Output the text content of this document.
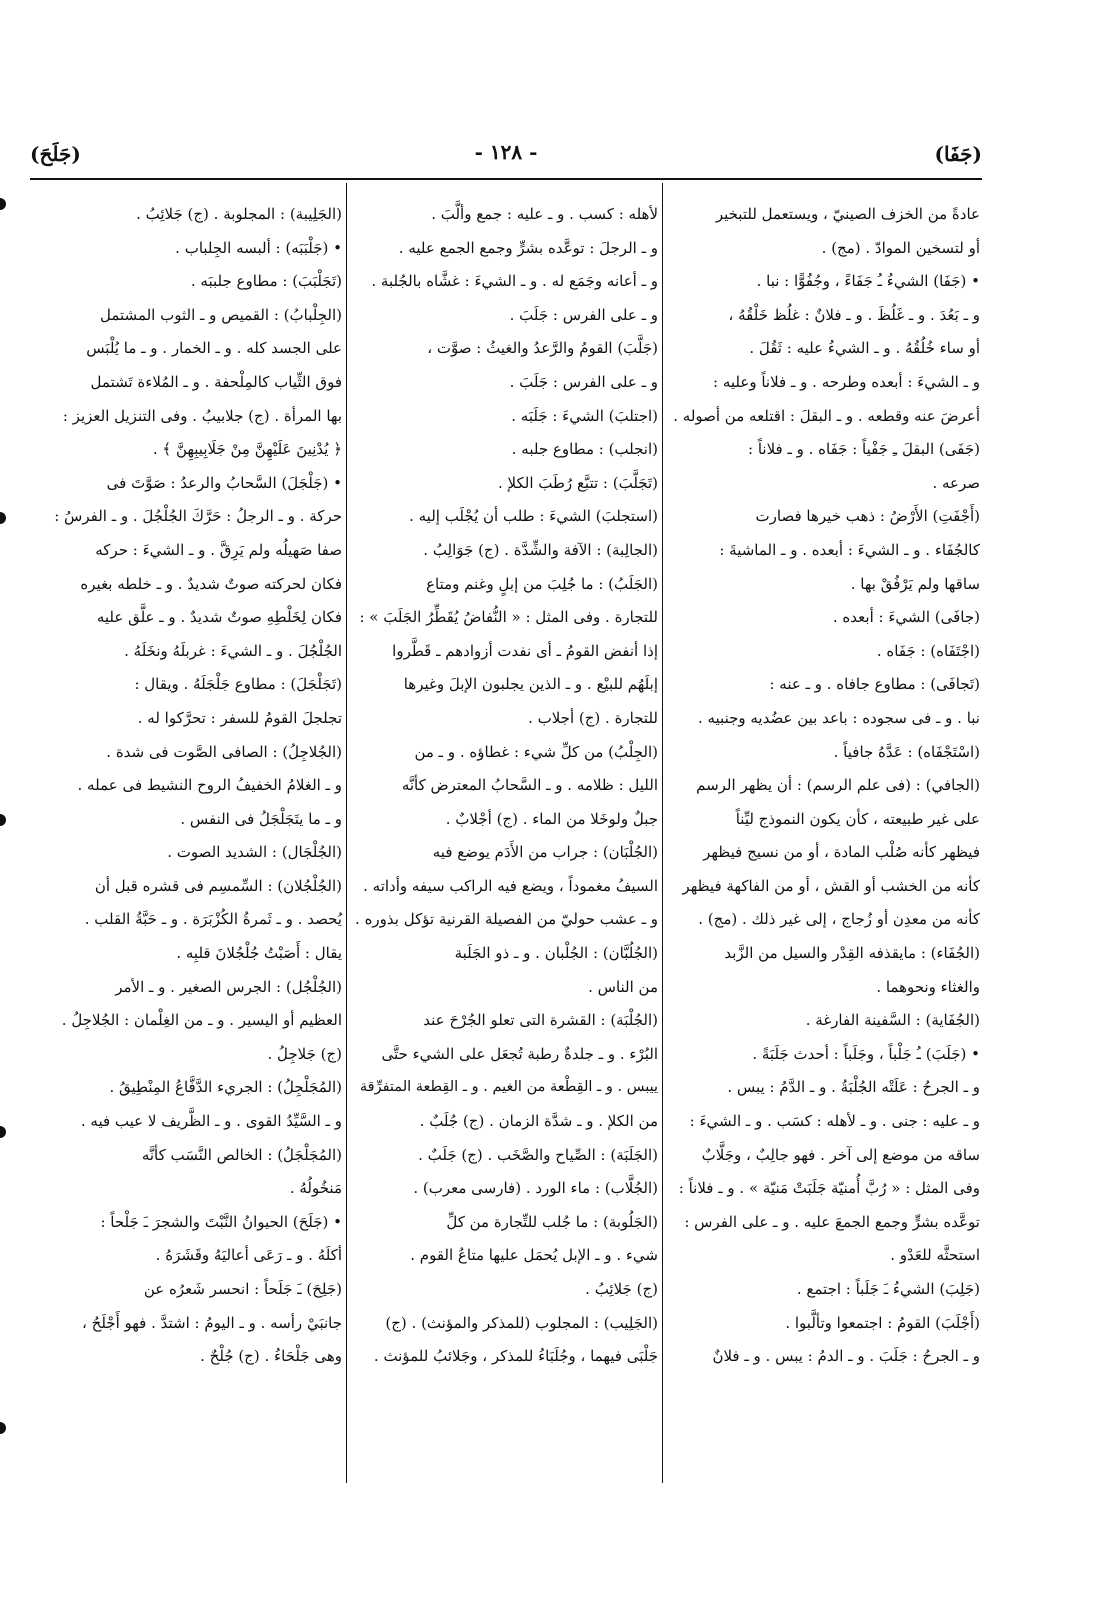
(جَفَا)
- ١٢٨ -
(جَلَحَ)

عادةً من الخزف الصينيّ ، ويستعمل للتبخير

أو لتسخين الموادّ . (مج) .

• (جَفَا) الشيءُ ـُ جَفَاءً ، وجُفُوًّا : نبا .

و ـ بَعُدَ . و ـ غَلُظَ . و ـ فلانٌ : غلُظ خَلْقُهُ ،

أو ساء خُلُقُهُ . و ـ الشيءُ عليه : ثَقُلَ .

و ـ الشيءَ : أبعده وطرحه . و ـ فلاناً وعليه :

أعرضَ عنه وقطعه . و ـ البقلَ : اقتلعه من أصوله .

(جَفَى) البقلَ ـِ جَفْياً : جَفَاه . و ـ فلاناً :

صرعه .

(أَجْفَتِ) الأَرْضُ : ذهب خيرها فصارت

كالجُفَاء . و ـ الشيءَ : أبعده . و ـ الماشيةَ :

ساقها ولم يَرْفُقْ بها .

(جافَى) الشيءَ : أبعده .

(اجْتَفَاه) : جَفَاه .

(تَجافَى) : مطاوع جافاه . و ـ عنه :

نبا . و ـ فى سجوده : باعد بين عضُديه وجنبيه .

(اسْتَجْفَاه) : عَدَّهُ جافياً .

(الجافي) : (فى علم الرسم) : أن يظهر الرسم

على غير طبيعته ، كأن يكون النموذج ليِّناً

فيظهر كأنه صُلْب المادة ، أو من نسيج فيظهر

كأنه من الخشب أو القش ، أو من الفاكهة فيظهر

كأنه من معدِن أو زُجاج ، إلى غير ذلك . (مج) .

(الجُفَاء) : مايقذفه القِدْر والسيل من الزَّبد

والغثاء ونحوهما .

(الجُفَاية) : السَّفينة الفارغة .

• (جَلَبَ) ـُ جَلْباً ، وجَلَباً : أحدث جَلَبَةً .

و ـ الجرحُ : عَلَتْه الجُلْبَةُ . و ـ الدَّمُ : يبس .

و ـ عليه : جنى . و ـ لأهله : كسَب . و ـ الشيءَ :

ساقه من موضع إلى آخر . فهو جالِبٌ ، وجَلَّابٌ

وفى المثل : « رُبَّ أُمنيّة جَلَبَتْ مَنيّة » . و ـ فلاناً :

توعَّده بشرٍّ وجمع الجمعَ عليه . و ـ على الفرس :

استحثَّه للعَدْو .

(جَلِبَ) الشيءُ ـَ جَلَباً : اجتمع .

(أَجْلَبَ) القومُ : اجتمعوا وتألَّبوا .

و ـ الجرحُ : جَلَبَ . و ـ الدمُ : يبس . و ـ فلانٌ

لأهله : كسب . و ـ عليه : جمع وألَّبَ .

و ـ الرجلَ : توعَّده بشرٍّ وجمع الجمع عليه .

و ـ أعانه وجَمَع له . و ـ الشيءَ : غشَّاه بالجُلبة .

و ـ على الفرس : جَلَبَ .

(جَلَّبَ) القومُ والرَّعدُ والغيثُ : صوَّت ،

و ـ على الفرس : جَلَبَ .

(اجتلبَ) الشيءَ : جَلَبَه .

(انجلب) : مطاوع جلبه .

(تَجَلَّبَ) : تتبَّع رُطَبَ الكلإ .

(استجلبَ) الشيءَ : طلب أن يُجْلَب إليه .

(الجالِبة) : الآفة والشِّدَّة . (ج) جَوَالِبُ .

(الجَلَبُ) : ما جُلِبَ من إبلٍ وغنم ومتاع

للتجارة . وفى المثل : « النُّفاضُ يُقَطِّرُ الجَلَبَ » :

إذا أنفض القومُ ـ أى نفدت أزوادهم ـ قَطَّروا

إبلَهُم للبيْع . و ـ الذين يجلبون الإبلَ وغيرها

للتجارة . (ج) أجلاب .

(الجِلْبُ) من كلِّ شيء : غطاؤه . و ـ من

الليل : ظلامه . و ـ السَّحابُ المعترض كأنَّه

جبلٌ ولوخَلا من الماء . (ج) أجْلابٌ .

(الجُلْبَان) : جراب من الأَدَم يوضع فيه

السيفُ مغموداً ، ويضع فيه الراكب سيفه وأداته .

و ـ عشب حوليّ من الفصيلة القرنية تؤكل بذوره .

(الجُلُبَّان) : الجُلْبان . و ـ ذو الجَلَبة

من الناس .

(الجُلْبَة) : القشرة التى تعلو الجُرْحَ عند

البُرْء . و ـ جلدةٌ رطبة تُجعَل على الشيء حتَّى

ييبس . و ـ القِطْعة من الغيم . و ـ القِطعة المتفرِّقة

من الكلإ . و ـ شدَّة الزمان . (ج) جُلَبٌ .

(الجَلَبَة) : الصِّياح والصَّخَب . (ج) جَلَبٌ .

(الجُلَّاب) : ماء الورد . (فارسى معرب) .

(الجَلُوبة) : ما جُلب للتِّجارة من كلِّ

شيء . و ـ الإبل يُحمَل عليها متاعُ القوم .

(ج) جَلائِبُ .

(الجَلِيب) : المجلوب (للمذكر والمؤنث) . (ج)

جَلْبَى فيهما ، وجُلَبَاءُ للمذكر ، وجَلائبُ للمؤنث .

(الجَلِيبة) : المجلوبة . (ج) جَلائِبُ .

• (جَلْبَبَه) : ألبسه الجِلباب .

(تَجَلْبَبَ) : مطاوع جلببَه .

(الجِلْبابُ) : القميص و ـ الثوب المشتمل

على الجسد كله . و ـ الخمار . و ـ ما يُلْبَس

فوق الثِّياب كالمِلْحفة . و ـ المُلاءة تَشتمل

بها المرأة . (ج) جلابيبُ . وفى التنزيل العزيز :

﴿ يُدْنِينَ عَلَيْهِنَّ مِنْ جَلَابِيبِهِنَّ ﴾ .

• (جَلْجَلَ) السَّحابُ والرعدُ : صَوَّتَ فى

حركة . و ـ الرجلُ : حَرَّكَ الجُلْجُلَ . و ـ الفرسُ :

صفا صَهيلُه ولم يَرِقَّ . و ـ الشيءَ : حركه

فكان لحركته صوتٌ شديدٌ . و ـ خلطه بغيره

فكان لِخَلْطِهِ صوتٌ شديدٌ . و ـ علَّق عليه

الجُلْجُلَ . و ـ الشيءَ : غربلَهُ ونخَلَهُ .

(تَجَلْجَلَ) : مطاوع جَلْجَلَهُ . ويقال :

تجلجلَ القومُ للسفر : تحرَّكوا له .

(الجُلاجِلُ) : الصافى الصَّوت فى شدة .

و ـ الغلامُ الخفيفُ الروح النشيط فى عمله .

و ـ ما يتَجَلْجَلُ فى النفس .

(الجُلْجَال) : الشديد الصوت .

(الجُلْجُلان) : السِّمسِم فى قشره قبل أن

يُحصد . و ـ ثَمرةُ الكُزْبَرَة . و ـ حَبَّةُ القلب .

يقال : أَصَبْتُ جُلْجُلانَ قلبِه .

(الجُلْجُل) : الجرس الصغير . و ـ الأمر

العظيم أو اليسير . و ـ من الغِلْمان : الجُلاجِلُ .

(ج) جَلاجِلُ .

(المُجَلْجِلُ) : الجريء الدَّفَّاعُ المِنْطِيقُ .

و ـ السَّيِّدُ القوى . و ـ الظَّريف لا عيب فيه .

(المُجَلْجَلُ) : الخالص النَّسَب كأنَّه

مَنخُولُهُ .

• (جَلَحَ) الحيوانُ النَّبْتَ والشجرَ ـَ جَلْحاً :

أكلَهُ . و ـ رَعَى أعاليَهُ وقَشَرَهُ .

(جَلِحَ) ـَ جَلَحاً : انحسر شَعرُه عن

جانبَيْ رأسه . و ـ اليومُ : اشتدَّ . فهو أَجْلَحُ ،

وهى جَلْحَاءُ . (ج) جُلْحٌ .
